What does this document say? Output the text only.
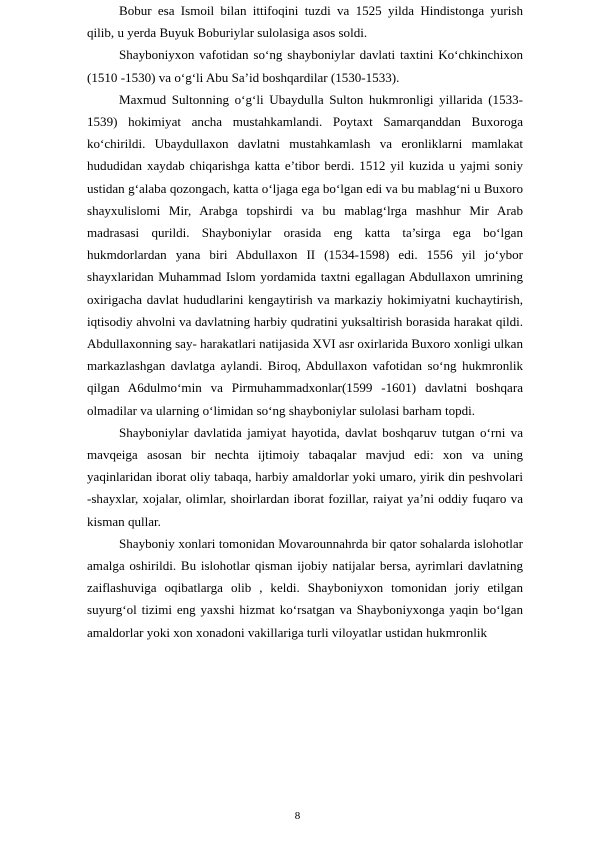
Bobur esa Ismoil bilan ittifoqini tuzdi va 1525 yilda Hindistonga yurish qilib, u yerda Buyuk Boburiylar sulolasiga asos soldi.

Shayboniyxon vafotidan so‘ng shayboniylar davlati taxtini Ko‘chkinchixon (1510 -1530) va o‘g‘li Abu Sa’id boshqardilar (1530-1533).

Maxmud Sultonning o‘g‘li Ubaydulla Sulton hukmronligi yillarida (1533-1539) hokimiyat ancha mustahkamlandi. Poytaxt Samarqanddan Buxoroga ko‘chirildi. Ubaydullaxon davlatni mustahkamlash va eronliklarni mamlakat hududidan xaydab chiqarishga katta e’tibor berdi. 1512 yil kuzida u yajmi soniy ustidan g‘alaba qozongach, katta o‘ljaga ega bo‘lgan edi va bu mablag‘ni u Buxoro shayxulislomi Mir, Arabga topshirdi va bu mablag‘lrga mashhur Mir Arab madrasasi qurildi. Shayboniylar orasida eng katta ta’sirga ega bo‘lgan hukmdorlardan yana biri Abdullaxon II (1534-1598) edi. 1556 yil jo‘ybor shayxlaridan Muhammad Islom yordamida taxtni egallagan Abdullaxon umrining oxirigacha davlat hududlarini kengaytirish va markaziy hokimiyatni kuchaytirish, iqtisodiy ahvolni va davlatning harbiy qudratini yuksaltirish borasida harakat qildi. Abdullaxonning say- harakatlari natijasida XVI asr oxirlarida Buxoro xonligi ulkan markazlashgan davlatga aylandi. Biroq, Abdullaxon vafotidan so‘ng hukmronlik qilgan A6dulmo‘min va Pirmuhammadxonlar(1599 -1601) davlatni boshqara olmadilar va ularning o‘limidan so‘ng shayboniylar sulolasi barham topdi.

Shayboniylar davlatida jamiyat hayotida, davlat boshqaruv tutgan o‘rni va mavqeiga asosan bir nechta ijtimoiy tabaqalar mavjud edi: xon va uning yaqinlaridan iborat oliy tabaqa, harbiy amaldorlar yoki umaro, yirik din peshvolari -shayxlar, xojalar, olimlar, shoirlardan iborat fozillar, raiyat ya’ni oddiy fuqaro va kisman qullar.

Shayboniy xonlari tomonidan Movarounnahrda bir qator sohalarda islohotlar amalga oshirildi. Bu islohotlar qisman ijobiy natijalar bersa, ayrimlari davlatning zaiflashuviga oqibatlarga olib , keldi. Shayboniyxon tomonidan joriy etilgan suyurg‘ol tizimi eng yaxshi hizmat ko‘rsatgan va Shayboniyxonga yaqin bo‘lgan amaldorlar yoki xon xonadoni vakillariga turli viloyatlar ustidan hukmronlik

8
